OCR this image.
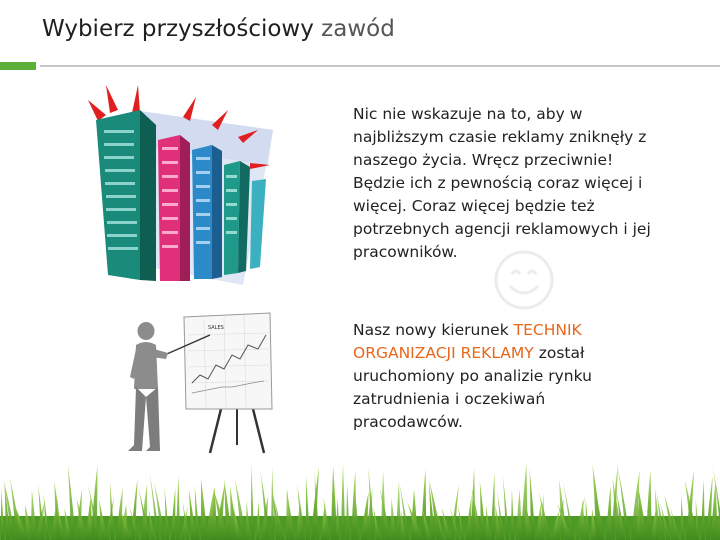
Wybierz przyszłościowy zawód
SALES
Nic nie wskazuje na to, aby w najbliższym czasie reklamy zniknęły z naszego życia. Wręcz przeciwnie! Będzie ich z pewnością coraz więcej i więcej. Coraz więcej będzie też potrzebnych agencji reklamowych i jej pracowników.
Nasz nowy kierunek TECHNIK ORGANIZACJI REKLAMY został uruchomiony po analizie rynku zatrudnienia i oczekiwań pracodawców.
